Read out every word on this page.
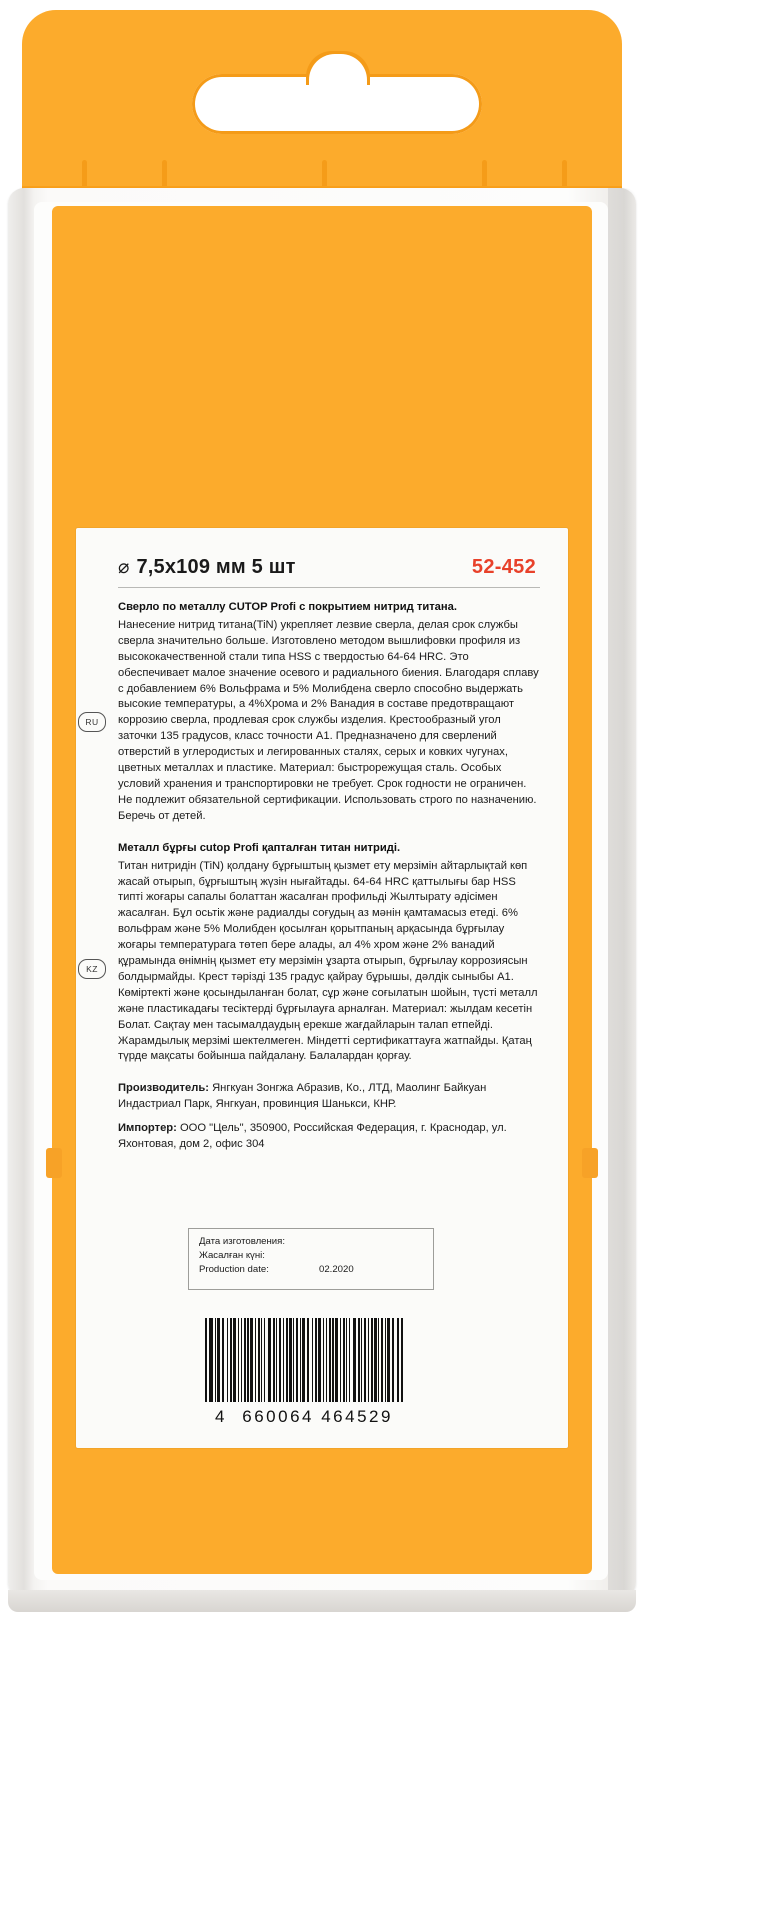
⌀ 7,5x109 мм 5 шт	52-452
RU
Сверло по металлу CUTOP Profi с покрытием нитрид титана.
Нанесение нитрид титана(TiN) укрепляет лезвие сверла, делая срок службы сверла значительно больше. Изготовлено методом вышлифовки профиля из высококачественной стали типа HSS с твердостью 64-64 HRC. Это обеспечивает малое значение осевого и радиального биения. Благодаря сплаву с добавлением 6% Вольфрама и 5% Молибдена сверло способно выдержать высокие температуры, а 4%Хрома и 2% Ванадия в составе предотвращают коррозию сверла, продлевая срок службы изделия. Крестообразный угол заточки 135 градусов, класс точности A1. Предназначено для сверлений отверстий в углеродистых и легированных сталях, серых и ковких чугунах, цветных металлах и пластике. Материал: быстрорежущая сталь. Особых условий хранения и транспортировки не требует. Срок годности не ограничен. Не подлежит обязательной сертификации. Использовать строго по назначению. Беречь от детей.
KZ
Металл бұрғы cutop Profi қапталған титан нитриді.
Титан нитридін (TiN) қолдану бұрғыштың қызмет ету мерзімін айтарлықтай көп жасай отырып, бұрғыштың жүзін нығайтады. 64-64 HRC қаттылығы бар HSS типті жоғары сапалы болаттан жасалған профильді Жылтырату әдісімен жасалған. Бұл осьтік және радиалды соғудың аз мәнін қамтамасыз етеді. 6% вольфрам және 5% Молибден қосылған қорытпаның арқасында бұрғылау жоғары температурага төтеп бере алады, ал 4% хром және 2% ванадий құрамында өнімнің қызмет ету мерзімін ұзарта отырып, бұрғылау коррозиясын болдырмайды. Крест тәрізді 135 градус қайрау бұрышы, дәлдік сыныбы A1. Көміртекті және қосындыланған болат, сұр және соғылатын шойын, түсті металл және пластикадағы тесіктерді бұрғылауға арналған. Материал: жылдам кесетін Болат. Сақтау мен тасымалдаудың ерекше жағдайларын талап етпейді. Жарамдылық мерзімі шектелмеген. Міндетті сертификаттауға жатпайды. Қатаң түрде мақсаты бойынша пайдалану. Балалардан қорғау.
Производитель: Янгкуан Зонгжа Абразив, Ко., ЛТД, Маолинг Байкуан Индастриал Парк, Янгкуан, провинция Шанькси, КНР.
Импортер: ООО "Цель", 350900, Российская Федерация, г. Краснодар, ул. Яхонтовая, дом 2, офис 304
Дата изготовления:
Жасалған күні:
Production date:	02.2020
4 660064 464529
